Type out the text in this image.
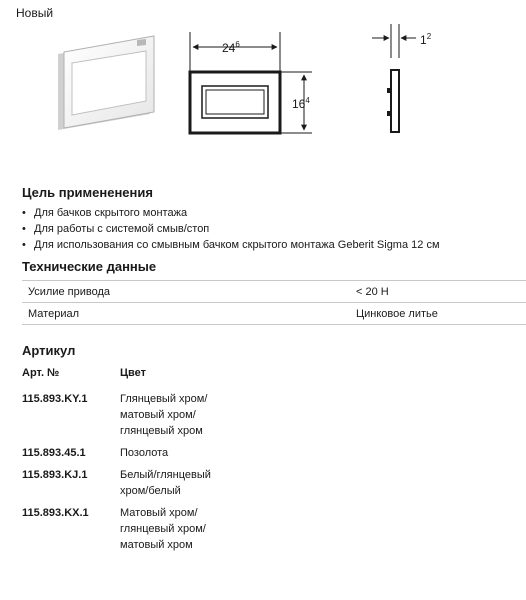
Новый
$24^6$
$16^4$
$1^2$
Цель примененения
• Для бачков скрытого монтажа
• Для работы с системой смыв/стоп
• Для использования со смывным бачком скрытого монтажа Geberit Sigma 12 см
Технические данные
Усилие привода	< 20 Н
Материал	Цинковое литье
Артикул
Арт. №	Цвет
115.893.KY.1	Глянцевый хром/матовый хром/глянцевый хром
115.893.45.1	Позолота
115.893.KJ.1	Белый/глянцевый хром/белый
115.893.KX.1	Матовый хром/глянцевый хром/матовый хром
